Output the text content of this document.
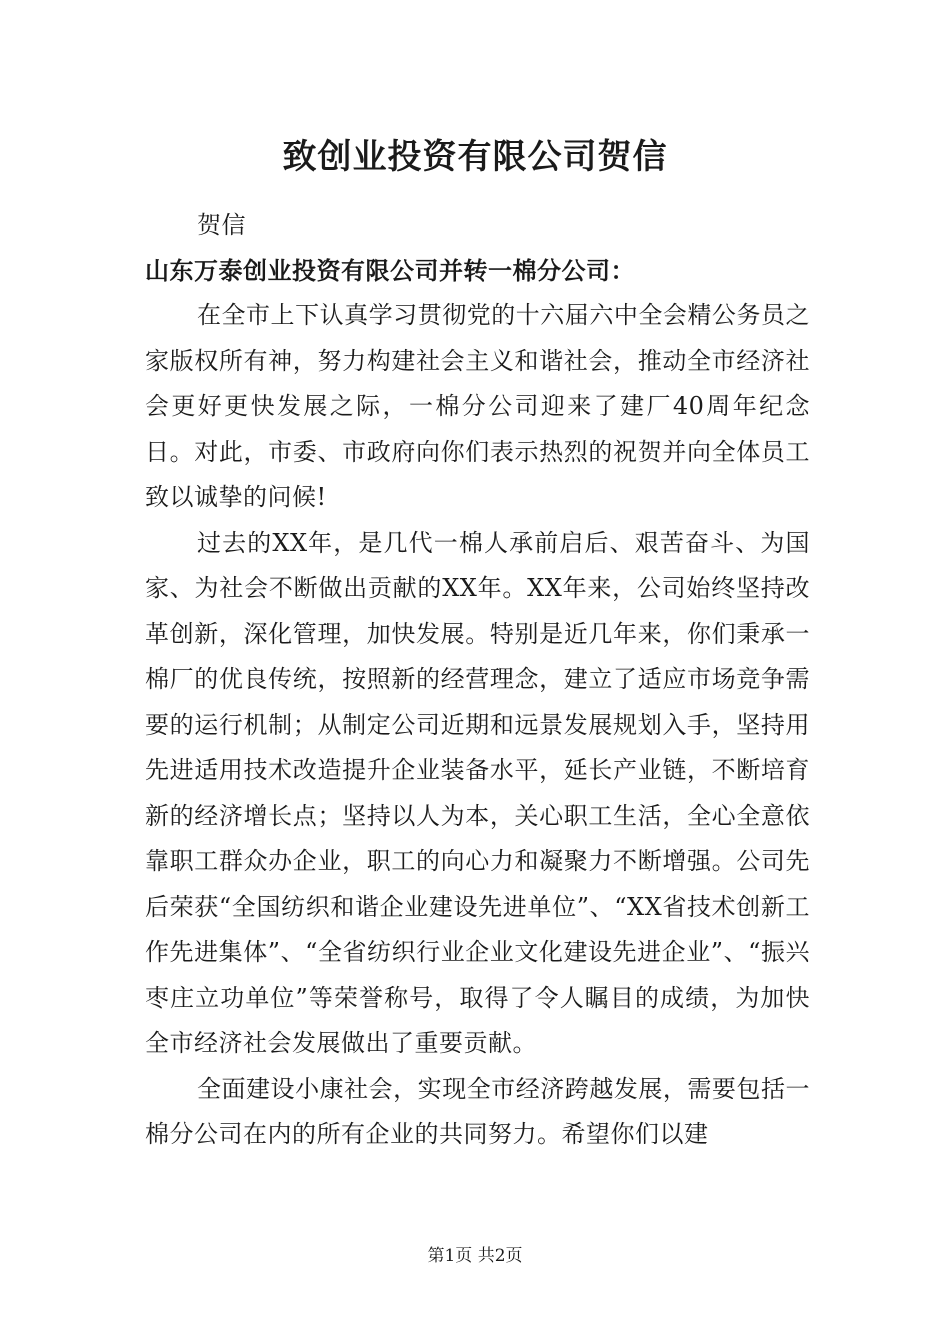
致创业投资有限公司贺信

贺信

山东万泰创业投资有限公司并转一棉分公司：

在全市上下认真学习贯彻党的十六届六中全会精公务员之家版权所有神，努力构建社会主义和谐社会，推动全市经济社会更好更快发展之际，一棉分公司迎来了建厂40周年纪念日。对此，市委、市政府向你们表示热烈的祝贺并向全体员工致以诚挚的问候!

过去的XX年，是几代一棉人承前启后、艰苦奋斗、为国家、为社会不断做出贡献的XX年。XX年来，公司始终坚持改革创新，深化管理，加快发展。特别是近几年来，你们秉承一棉厂的优良传统，按照新的经营理念，建立了适应市场竞争需要的运行机制；从制定公司近期和远景发展规划入手，坚持用先进适用技术改造提升企业装备水平，延长产业链，不断培育新的经济增长点；坚持以人为本，关心职工生活，全心全意依靠职工群众办企业，职工的向心力和凝聚力不断增强。公司先后荣获“全国纺织和谐企业建设先进单位”、“XX省技术创新工作先进集体”、“全省纺织行业企业文化建设先进企业”、“振兴枣庄立功单位”等荣誉称号，取得了令人瞩目的成绩，为加快全市经济社会发展做出了重要贡献。

全面建设小康社会，实现全市经济跨越发展，需要包括一棉分公司在内的所有企业的共同努力。希望你们以建

第1页 共2页
